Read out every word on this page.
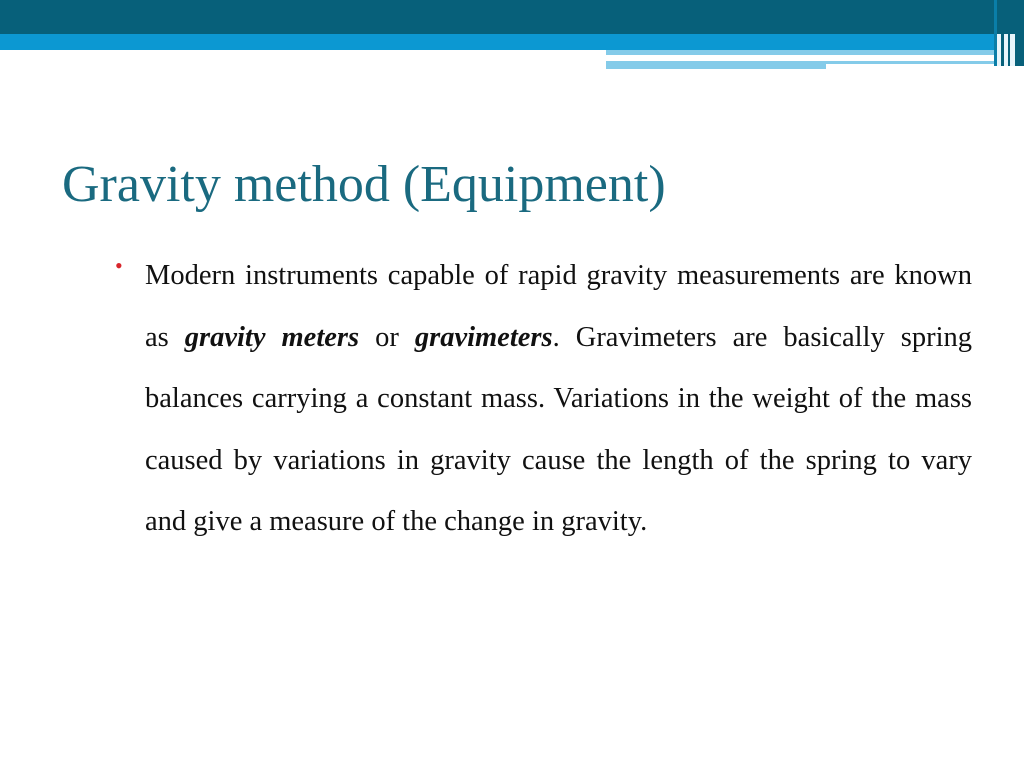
Gravity method (Equipment)
• Modern instruments capable of rapid gravity measurements are known as gravity meters or gravimeters. Gravimeters are basically spring balances carrying a constant mass. Variations in the weight of the mass caused by variations in gravity cause the length of the spring to vary and give a measure of the change in gravity.
